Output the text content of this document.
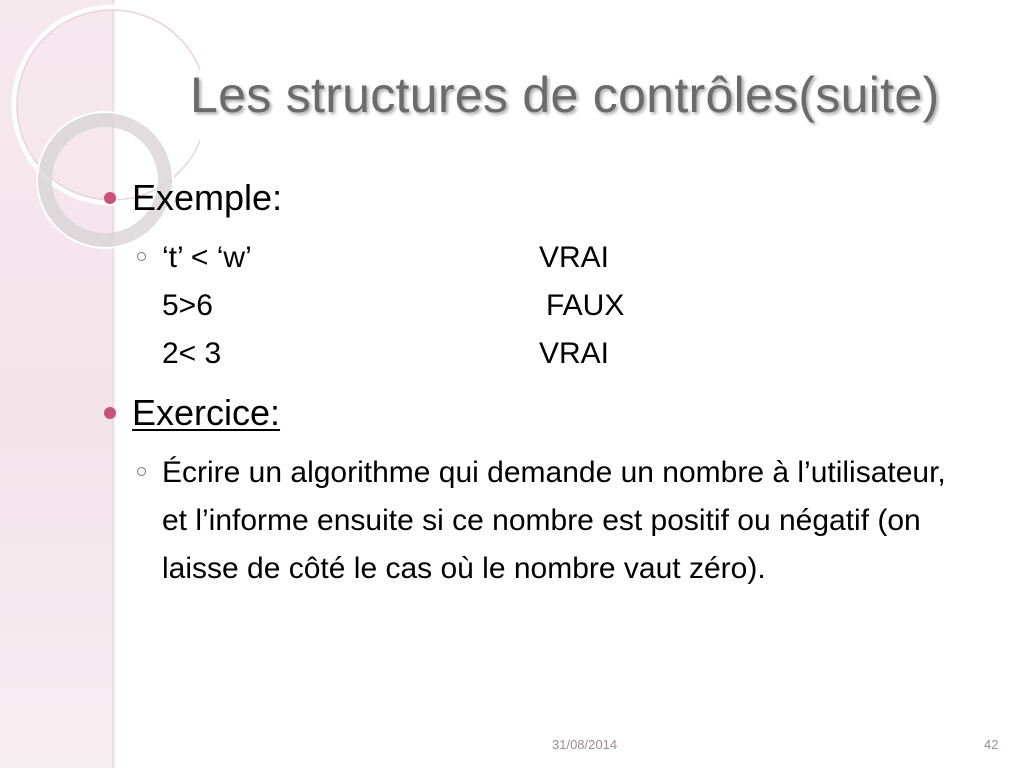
Les structures de contrôles(suite)
Exemple:
‘t’ < ‘w’	VRAI
5>6	FAUX
2< 3	VRAI
Exercice:
Écrire un algorithme qui demande un nombre à l’utilisateur, et l’informe ensuite si ce nombre est positif ou négatif (on laisse de côté le cas où le nombre vaut zéro).
31/08/2014	42
